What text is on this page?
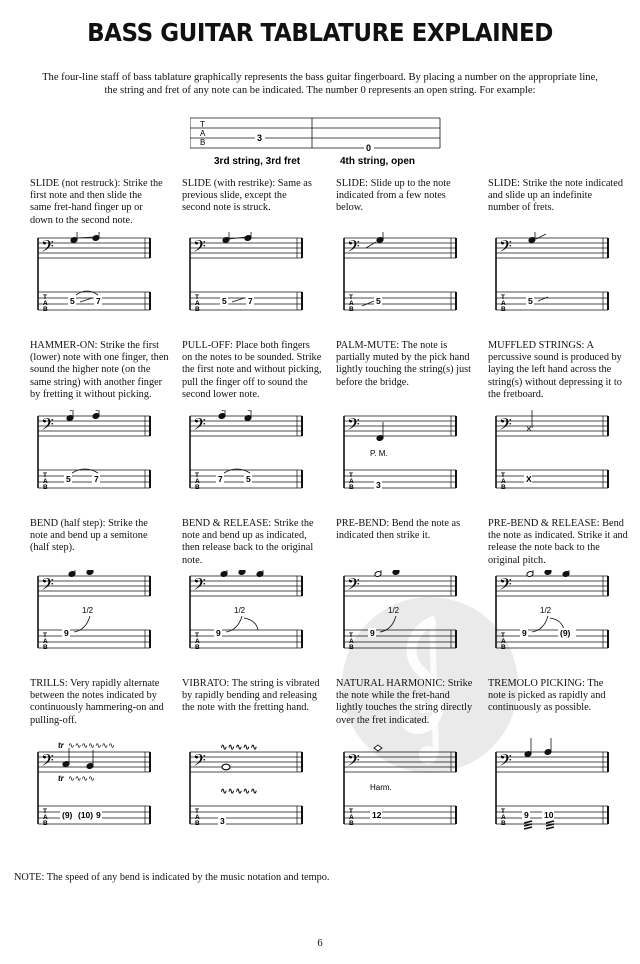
BASS GUITAR TABLATURE EXPLAINED
The four-line staff of bass tablature graphically represents the bass guitar fingerboard. By placing a number on the appropriate line,
the string and fret of any note can be indicated. The number 0 represents an open string. For example:
T
A
B	3
0
3rd string, 3rd fret	4th string, open
SLIDE (not restruck): Strike the first note and then slide the same fret-hand finger up or down to the second note.
SLIDE (with restrike): Same as previous slide, except the second note is struck.
SLIDE: Slide up to the note indicated from a few notes below.
SLIDE: Strike the note indicated and slide up an indefinite number of frets.
HAMMER-ON: Strike the first (lower) note with one finger, then sound the higher note (on the same string) with another finger by fretting it without picking.
PULL-OFF: Place both fingers on the notes to be sounded. Strike the first note and without picking, pull the finger off to sound the second lower note.
PALM-MUTE: The note is partially muted by the pick hand lightly touching the string(s) just before the bridge.
MUFFLED STRINGS: A percussive sound is produced by laying the left hand across the string(s) without depressing it to the fretboard.
BEND (half step): Strike the note and bend up a semitone (half step).
BEND & RELEASE: Strike the note and bend up as indicated, then release back to the original note.
PRE-BEND: Bend the note as indicated then strike it.
PRE-BEND & RELEASE: Bend the note as indicated. Strike it and release the note back to the original pitch.
TRILLS: Very rapidly alternate between the notes indicated by continuously hammering-on and pulling-off.
VIBRATO: The string is vibrated by rapidly bending and releasing the note with the fretting hand.
NATURAL HARMONIC: Strike the note while the fret-hand lightly touches the string directly over the fret indicated.
TREMOLO PICKING: The note is picked as rapidly and continuously as possible.
𝄢
T
A
B
5	7
𝄢
T
A
B
5	7
𝄢
T
A
B
5
𝄢
T
A
B
5
𝄢
T
A
B
5	7
𝄢
T
A
B
7	5
𝄢
T
A
B
P. M.
3
𝄢
T
A
B
×
X
𝄢
T
A
B
9
1/2
𝄢
T
A
B
9
1/2
𝄢
T
A
B
9
1/2
𝄢
T
A
B
9
1/2
(9)
𝄢
T
A
B
tr ∿∿∿∿∿∿∿
tr ∿∿∿∿
(9) (10) 9
𝄢
T
A
B
∿∿∿∿∿
∿∿∿∿∿
3
𝄢
T
A
B
Harm.
12
𝄢
T
A
B
9 10
NOTE: The speed of any bend is indicated by the music notation and tempo.
6
